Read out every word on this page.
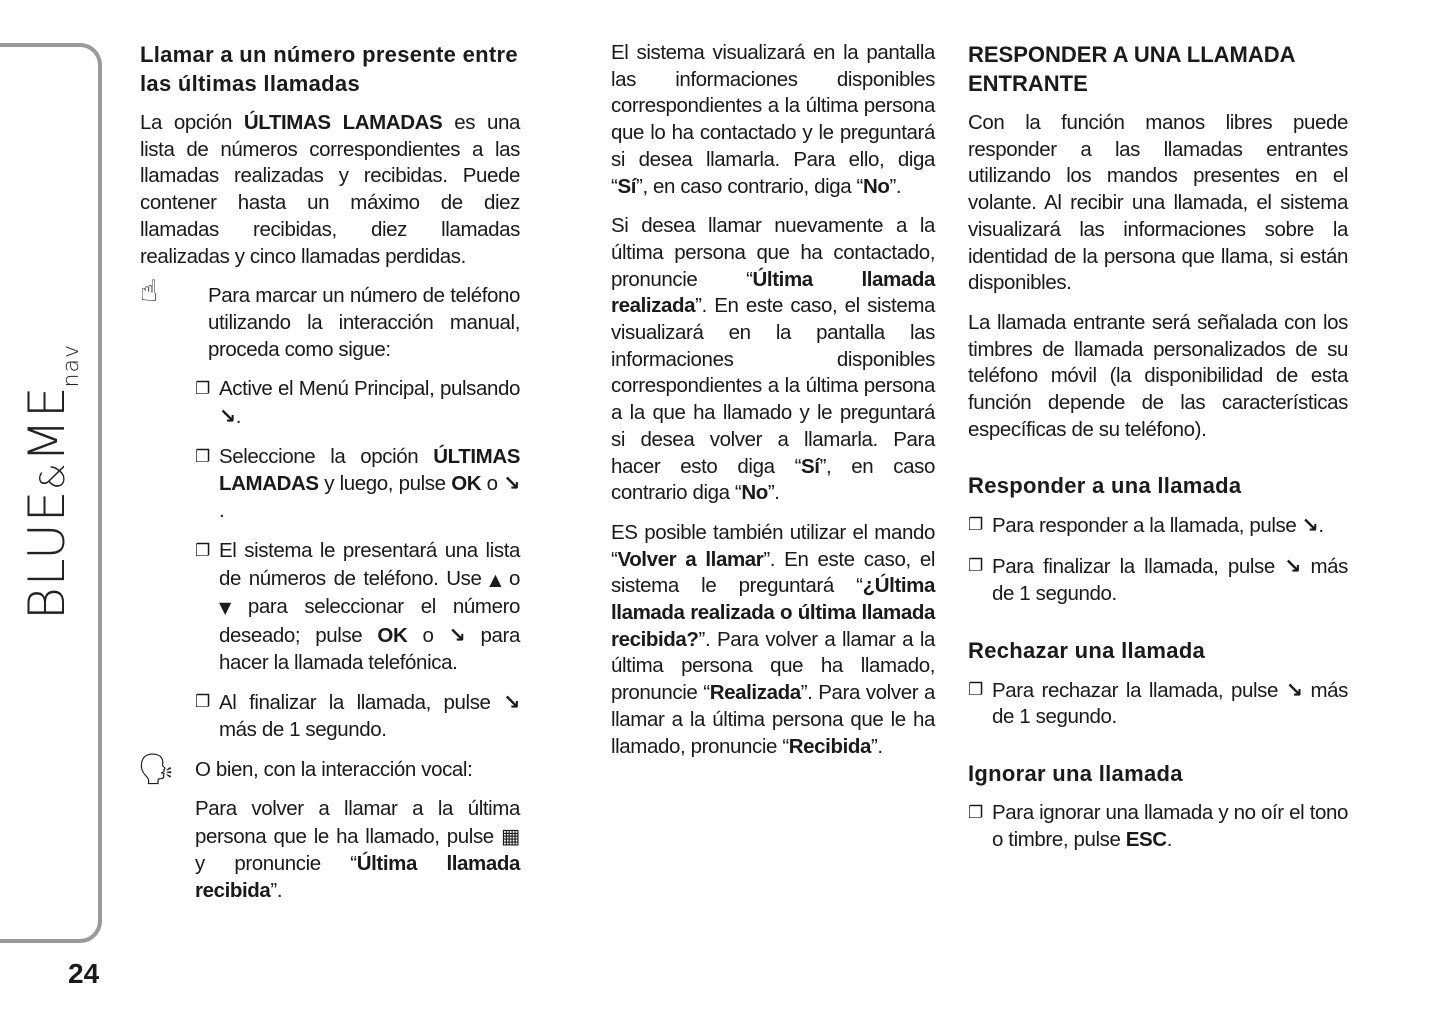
$BLUE\&ME_{nav}$
24
Llamar a un número presente entre las últimas llamadas

La opción ÚLTIMAS LAMADAS es una lista de números correspondientes a las llamadas realizadas y recibidas. Puede contener hasta un máximo de diez llamadas recibidas, diez llamadas realizadas y cinco llamadas perdidas.

☝ Para marcar un número de teléfono utilizando la interacción manual, proceda como sigue:

❐ Active el Menú Principal, pulsando ↘.

❐ Seleccione la opción ÚLTIMAS LAMADAS y luego, pulse OK o ↘.

❐ El sistema le presentará una lista de números de teléfono. Use ▲ o ▼ para seleccionar el número deseado; pulse OK o ↘ para hacer la llamada telefónica.

❐ Al finalizar la llamada, pulse ↘ más de 1 segundo.

🗣 O bien, con la interacción vocal:

Para volver a llamar a la última persona que le ha llamado, pulse ▦ y pronuncie “Última llamada recibida”.

El sistema visualizará en la pantalla las informaciones disponibles correspondientes a la última persona que lo ha contactado y le preguntará si desea llamarla. Para ello, diga “Sí”, en caso contrario, diga “No”.

Si desea llamar nuevamente a la última persona que ha contactado, pronuncie “Última llamada realizada”. En este caso, el sistema visualizará en la pantalla las informaciones disponibles correspondientes a la última persona a la que ha llamado y le preguntará si desea volver a llamarla. Para hacer esto diga “Sí”, en caso contrario diga “No”.

ES posible también utilizar el mando “Volver a llamar”. En este caso, el sistema le preguntará “¿Última llamada realizada o última llamada recibida?”. Para volver a llamar a la última persona que ha llamado, pronuncie “Realizada”. Para volver a llamar a la última persona que le ha llamado, pronuncie “Recibida”.

RESPONDER A UNA LLAMADA ENTRANTE

Con la función manos libres puede responder a las llamadas entrantes utilizando los mandos presentes en el volante. Al recibir una llamada, el sistema visualizará las informaciones sobre la identidad de la persona que llama, si están disponibles.

La llamada entrante será señalada con los timbres de llamada personalizados de su teléfono móvil (la disponibilidad de esta función depende de las características específicas de su teléfono).

Responder a una llamada

❐ Para responder a la llamada, pulse ↘.

❐ Para finalizar la llamada, pulse ↘ más de 1 segundo.

Rechazar una llamada

❐ Para rechazar la llamada, pulse ↘ más de 1 segundo.

Ignorar una llamada

❐ Para ignorar una llamada y no oír el tono o timbre, pulse ESC.
